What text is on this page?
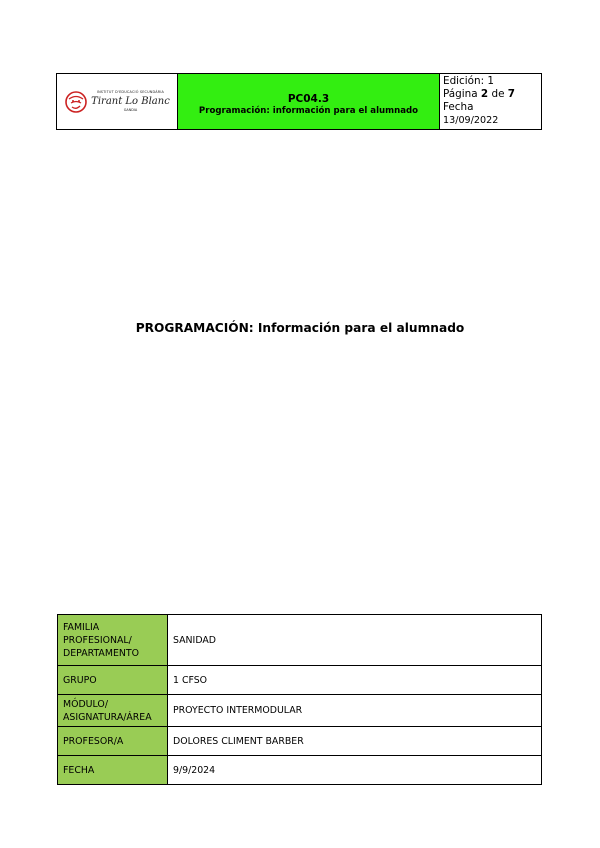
INSTITUT D'EDUCACIÓ SECUNDÀRIA
Tirant Lo Blanc
GANDIA
PC04.3
Programación: información para el alumnado
Edición: 1
Página 2 de 7
Fecha
13/09/2022
PROGRAMACIÓN: Información para el alumnado
FAMILIA
PROFESIONAL/
DEPARTAMENTO	SANIDAD

GRUPO	1 CFSO

MÓDULO/
ASIGNATURA/ÁREA	PROYECTO INTERMODULAR

PROFESOR/A	DOLORES CLIMENT BARBER

FECHA	9/9/2024
